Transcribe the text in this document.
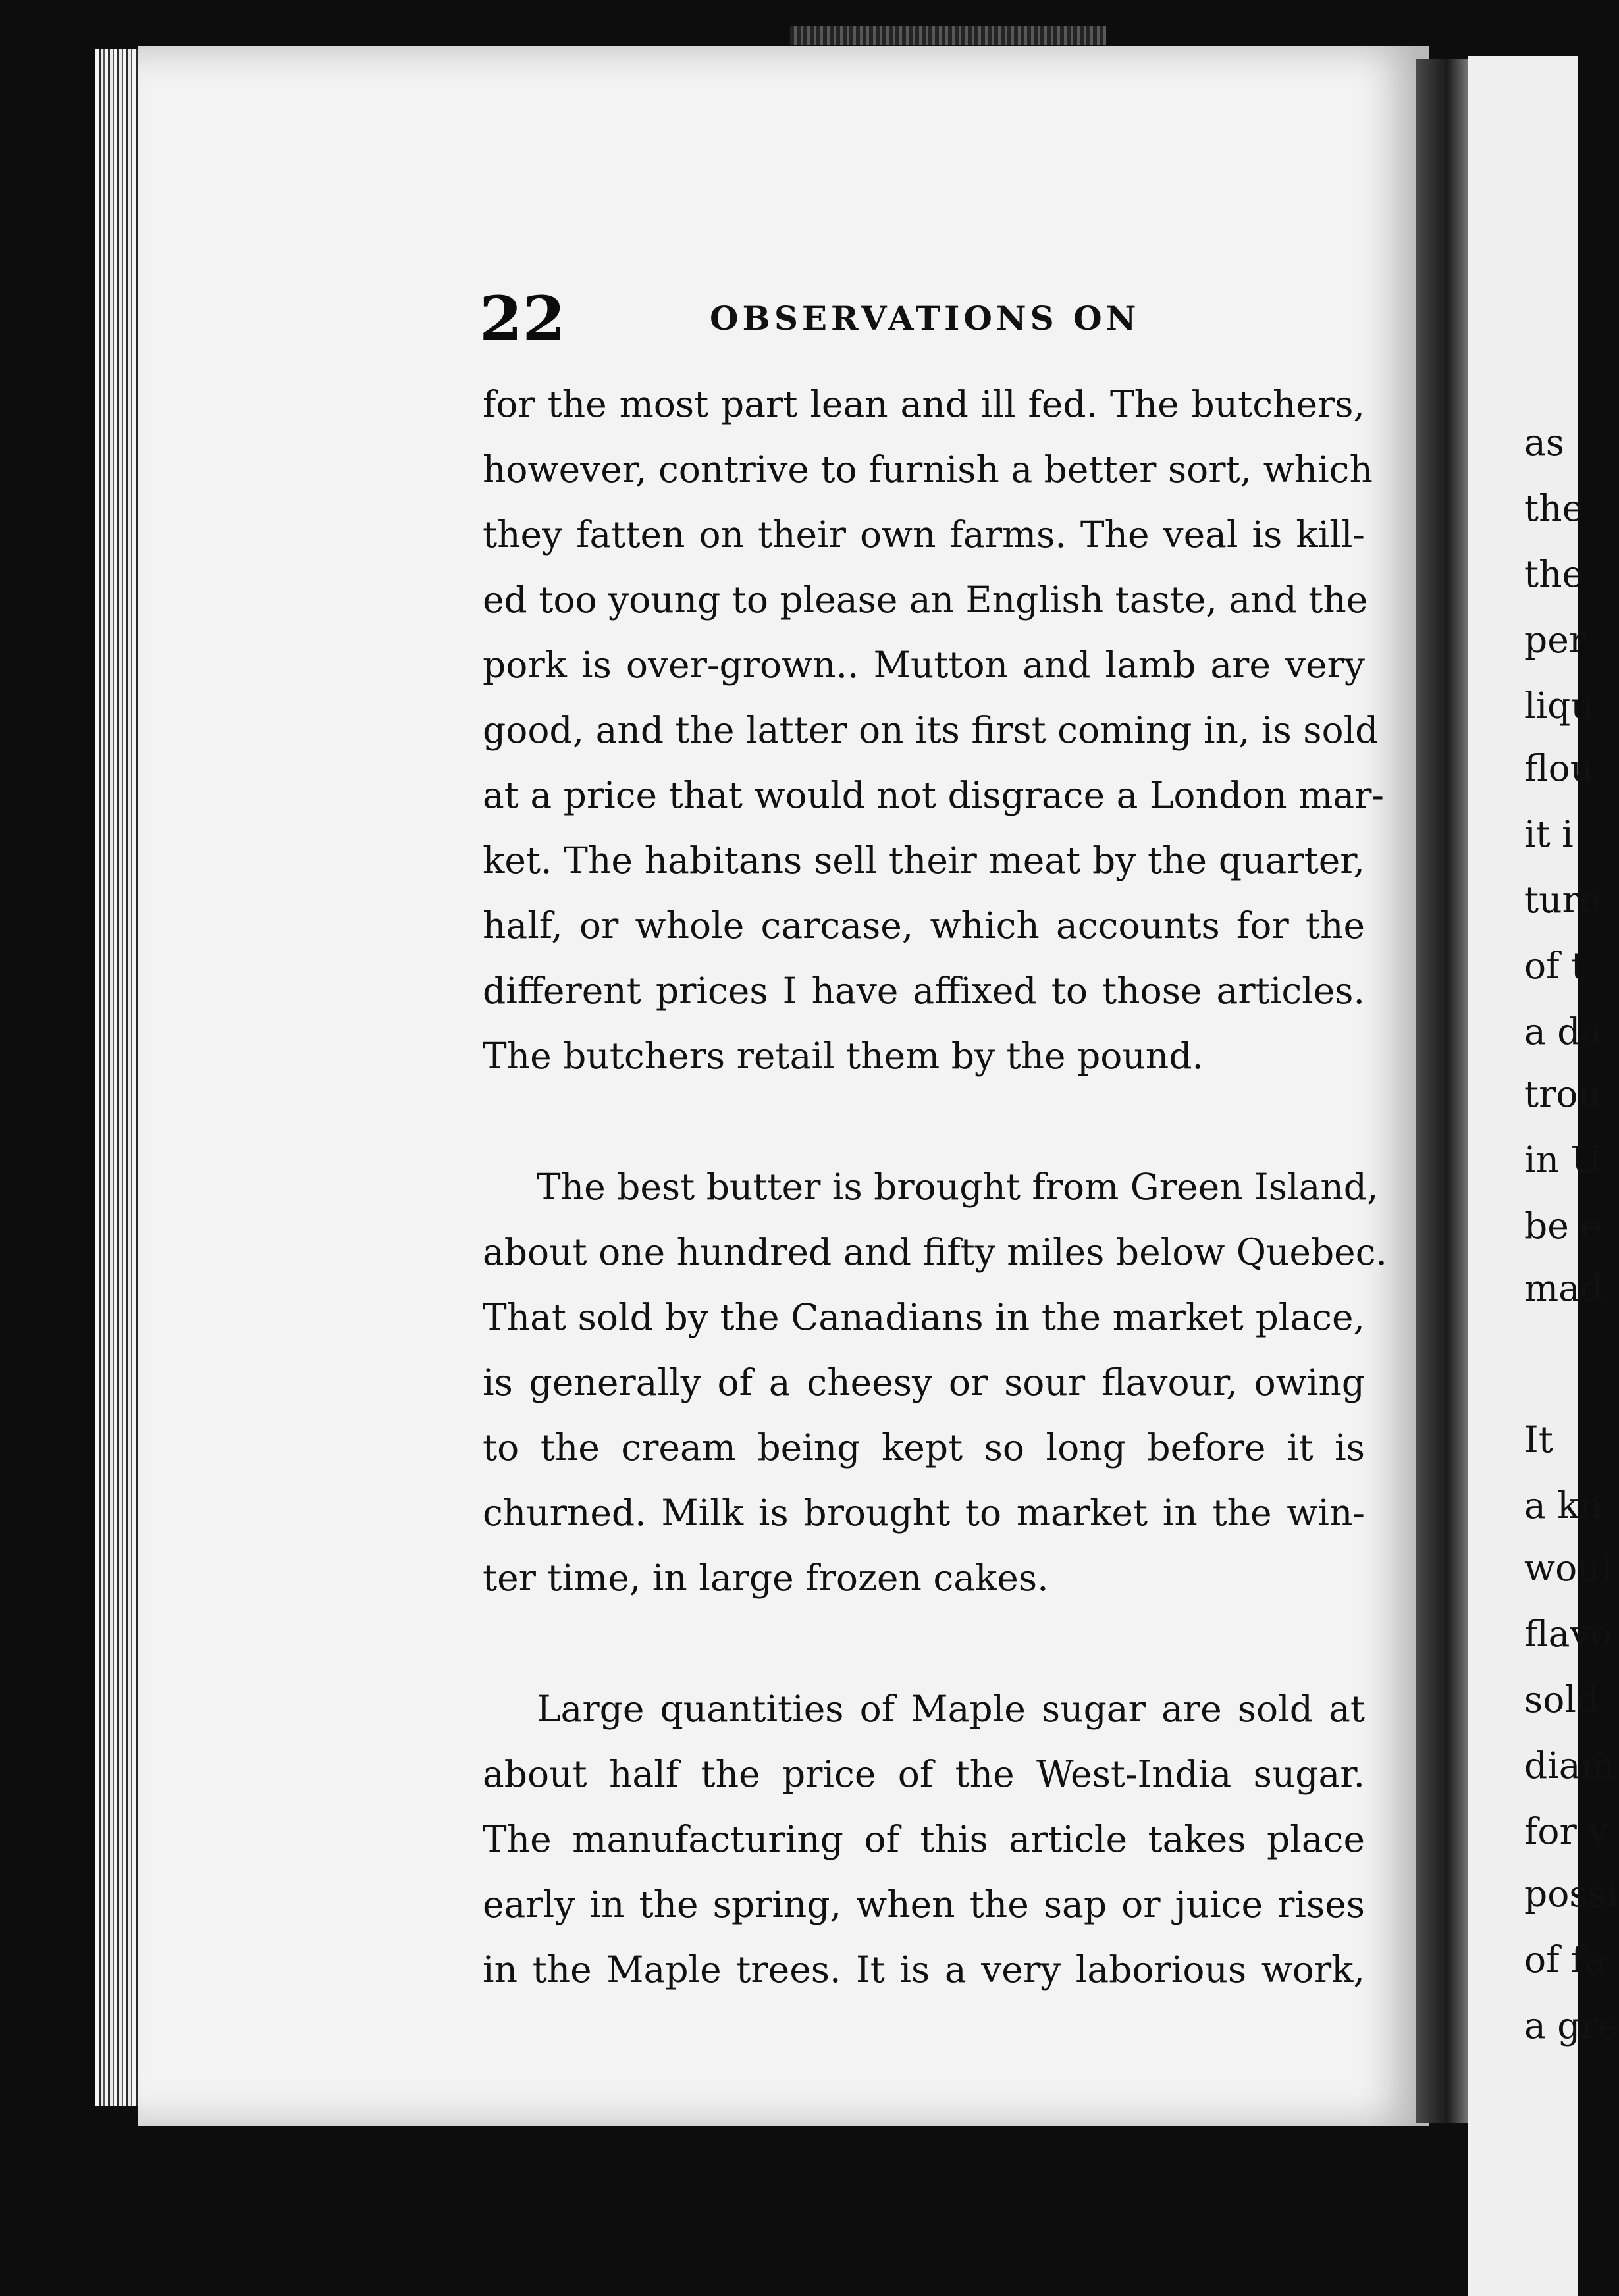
as
the
the
per
liqu
flou
it i
ture
of t
a da
trou
in U
be e
mad
It
a kn
woul
flavo
sold
diam
for v
possi
of fa
a gre
22	OBSERVATIONS ON
for the most part lean and ill fed. The butchers,
however, contrive to furnish a better sort, which
they fatten on their own farms. The veal is kill-
ed too young to please an English taste, and the
pork is over-grown.. Mutton and lamb are very
good, and the latter on its first coming in, is sold
at a price that would not disgrace a London mar-
ket. The habitans sell their meat by the quarter,
half, or whole carcase, which accounts for the
different prices I have affixed to those articles.
The butchers retail them by the pound.
The best butter is brought from Green Island,
about one hundred and fifty miles below Quebec.
That sold by the Canadians in the market place,
is generally of a cheesy or sour flavour, owing
to the cream being kept so long before it is
churned. Milk is brought to market in the win-
ter time, in large frozen cakes.
Large quantities of Maple sugar are sold at
about half the price of the West-India sugar.
The manufacturing of this article takes place
early in the spring, when the sap or juice rises
in the Maple trees. It is a very laborious work,
